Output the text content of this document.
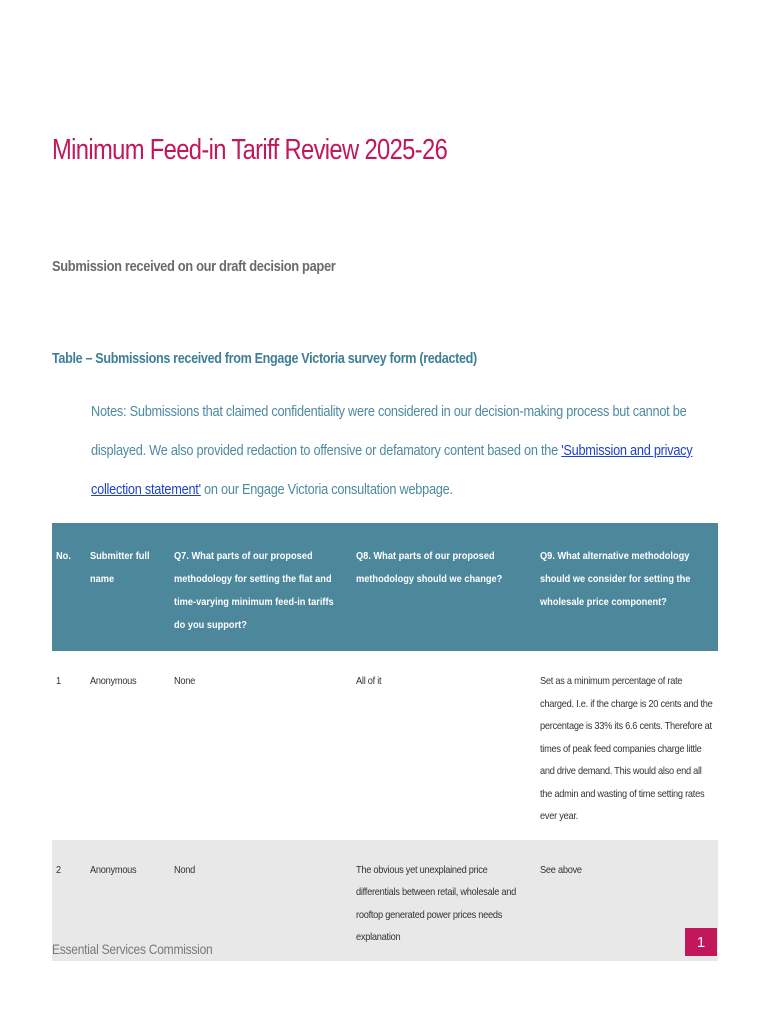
Minimum Feed-in Tariff Review 2025-26
Submission received on our draft decision paper
Table – Submissions received from Engage Victoria survey form (redacted)

Notes: Submissions that claimed confidentiality were considered in our decision-making process but cannot be displayed. We also provided redaction to offensive or defamatory content based on the 'Submission and privacy collection statement' on our Engage Victoria consultation webpage.

No.	Submitter full name	Q7. What parts of our proposed methodology for setting the flat and time-varying minimum feed-in tariffs do you support?	Q8. What parts of our proposed methodology should we change?	Q9. What alternative methodology should we consider for setting the wholesale price component?

1	Anonymous	None	All of it	Set as a minimum percentage of rate charged. I.e. if the charge is 20 cents and the percentage is 33% its 6.6 cents. Therefore at times of peak feed companies charge little and drive demand. This would also end all the admin and wasting of time setting rates ever year.

2	Anonymous	Nond	The obvious yet unexplained price differentials between retail, wholesale and rooftop generated power prices needs explanation	See above

Essential Services Commission	1
